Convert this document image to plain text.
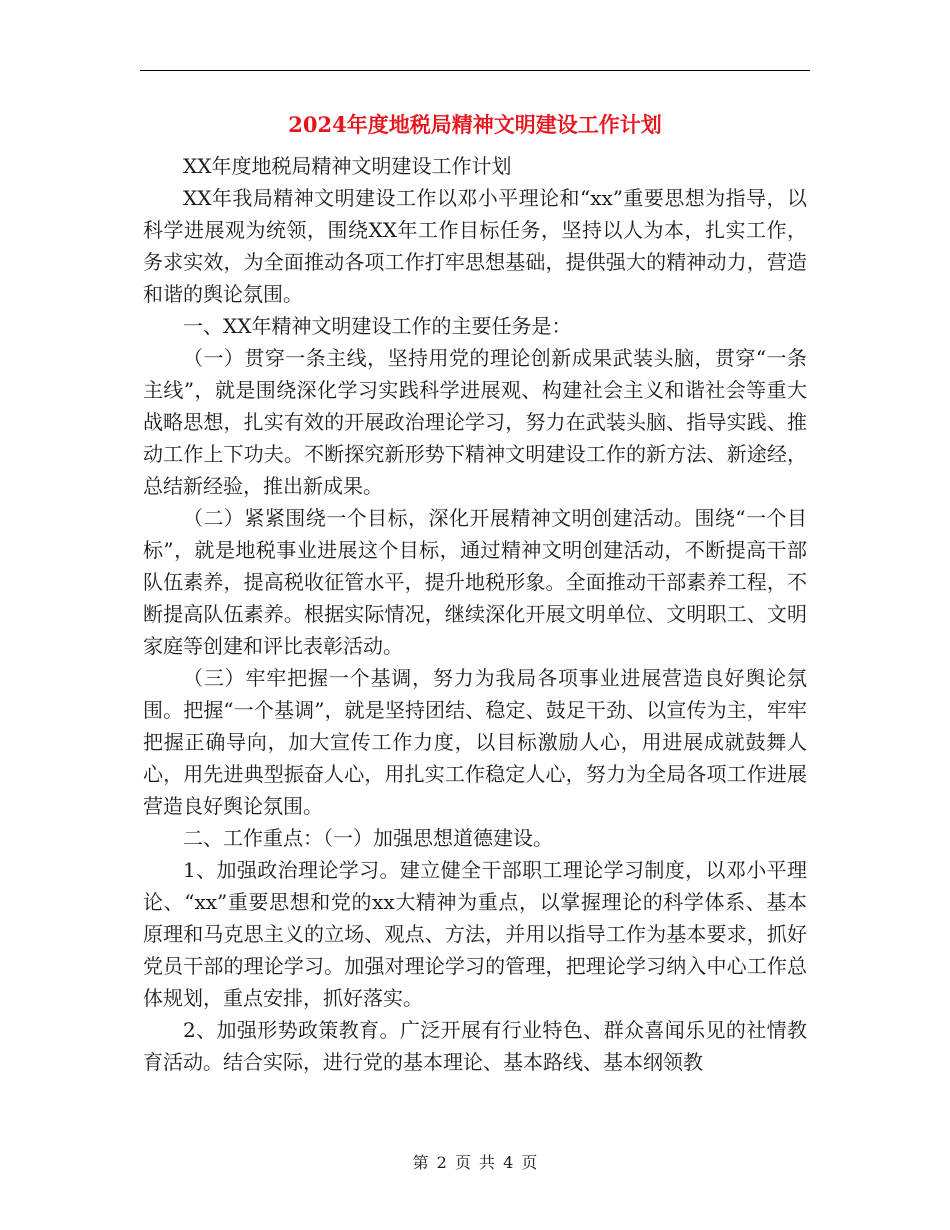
2024年度地税局精神文明建设工作计划

XX年度地税局精神文明建设工作计划

XX年我局精神文明建设工作以邓小平理论和“xx”重要思想为指导，以科学进展观为统领，围绕XX年工作目标任务，坚持以人为本，扎实工作，务求实效，为全面推动各项工作打牢思想基础，提供强大的精神动力，营造和谐的舆论氛围。

一、XX年精神文明建设工作的主要任务是：

（一）贯穿一条主线，坚持用党的理论创新成果武装头脑，贯穿“一条主线”，就是围绕深化学习实践科学进展观、构建社会主义和谐社会等重大战略思想，扎实有效的开展政治理论学习，努力在武装头脑、指导实践、推动工作上下功夫。不断探究新形势下精神文明建设工作的新方法、新途经，总结新经验，推出新成果。

（二）紧紧围绕一个目标，深化开展精神文明创建活动。围绕“一个目标”，就是地税事业进展这个目标，通过精神文明创建活动，不断提高干部队伍素养，提高税收征管水平，提升地税形象。全面推动干部素养工程，不断提高队伍素养。根据实际情况，继续深化开展文明单位、文明职工、文明家庭等创建和评比表彰活动。

（三）牢牢把握一个基调，努力为我局各项事业进展营造良好舆论氛围。把握“一个基调”，就是坚持团结、稳定、鼓足干劲、以宣传为主，牢牢把握正确导向，加大宣传工作力度，以目标激励人心，用进展成就鼓舞人心，用先进典型振奋人心，用扎实工作稳定人心，努力为全局各项工作进展营造良好舆论氛围。

二、工作重点：（一）加强思想道德建设。

1、加强政治理论学习。建立健全干部职工理论学习制度，以邓小平理论、“xx”重要思想和党的xx大精神为重点，以掌握理论的科学体系、基本原理和马克思主义的立场、观点、方法，并用以指导工作为基本要求，抓好党员干部的理论学习。加强对理论学习的管理，把理论学习纳入中心工作总体规划，重点安排，抓好落实。

2、加强形势政策教育。广泛开展有行业特色、群众喜闻乐见的社情教育活动。结合实际，进行党的基本理论、基本路线、基本纲领教

第 2 页 共 4 页
